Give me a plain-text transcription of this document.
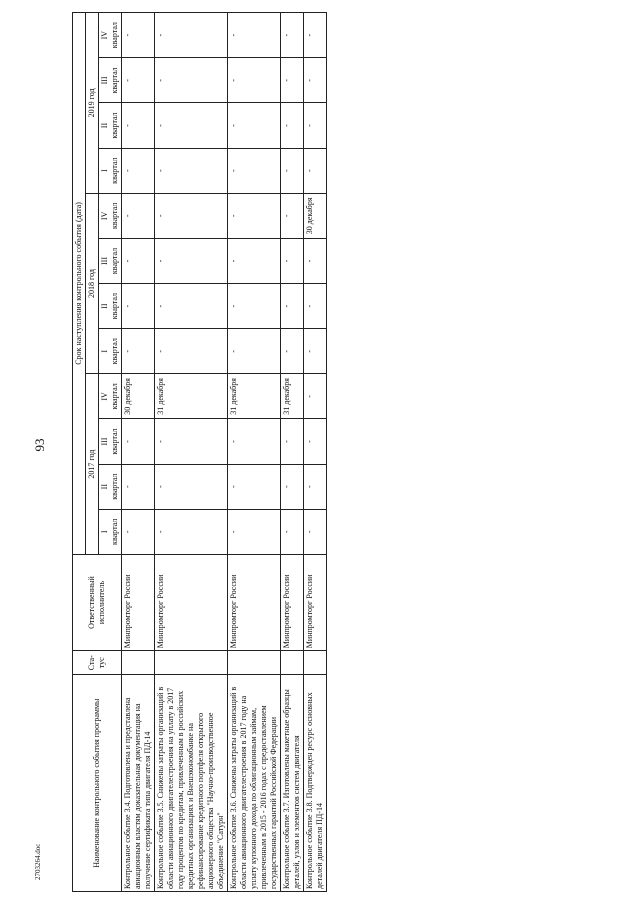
93
2703264.doc	Наименование контрольного события программы	Ста-тус	Ответственный исполнитель	Срок наступления контрольного события (дата)											
			2017 год				2018 год				2019 год			

			I квартал	II квартал	III квартал	IV квартал	I квартал	II квартал	III квартал	IV квартал	I квартал	II квартал	III квартал	IV квартал

Контрольное событие 3.4. Подготовлена и представлена авиационным властям доказательная документация на получение сертификата типа двигателя ПД-14		Минпромторг России	-	-	-	30 декабря	-	-	-	-	-	-	-	-
Контрольное событие 3.5. Снижены затраты организаций в области авиационного двигателестроения на уплату в 2017 году процентов по кредитам, привлеченным в российских кредитных организациях и Внешэкономбанке на рефинансирование кредитного портфеля открытого акционерного общества "Научно-производственное объединение "Сатурн"		Минпромторг России	-	-	-	31 декабря	-	-	-	-	-	-	-	-
Контрольное событие 3.6. Снижены затраты организаций в области авиационного двигателестроения в 2017 году на уплату купонного дохода по облигационным займам, привлеченным в 2015 - 2016 годах с предоставлением государственных гарантий Российской Федерации		Минпромторг России	-	-	-	31 декабря	-	-	-	-	-	-	-	-
Контрольное событие 3.7. Изготовлены макетные образцы деталей, узлов и элементов систем двигателя		Минпромторг России	-	-	-	31 декабря	-	-	-	-	-	-	-	-
Контрольное событие 3.8. Подтвержден ресурс основных деталей двигателя ПД-14		Минпромторг России	-	-	-	-	-	-	-	30 декабря	-	-	-	-
